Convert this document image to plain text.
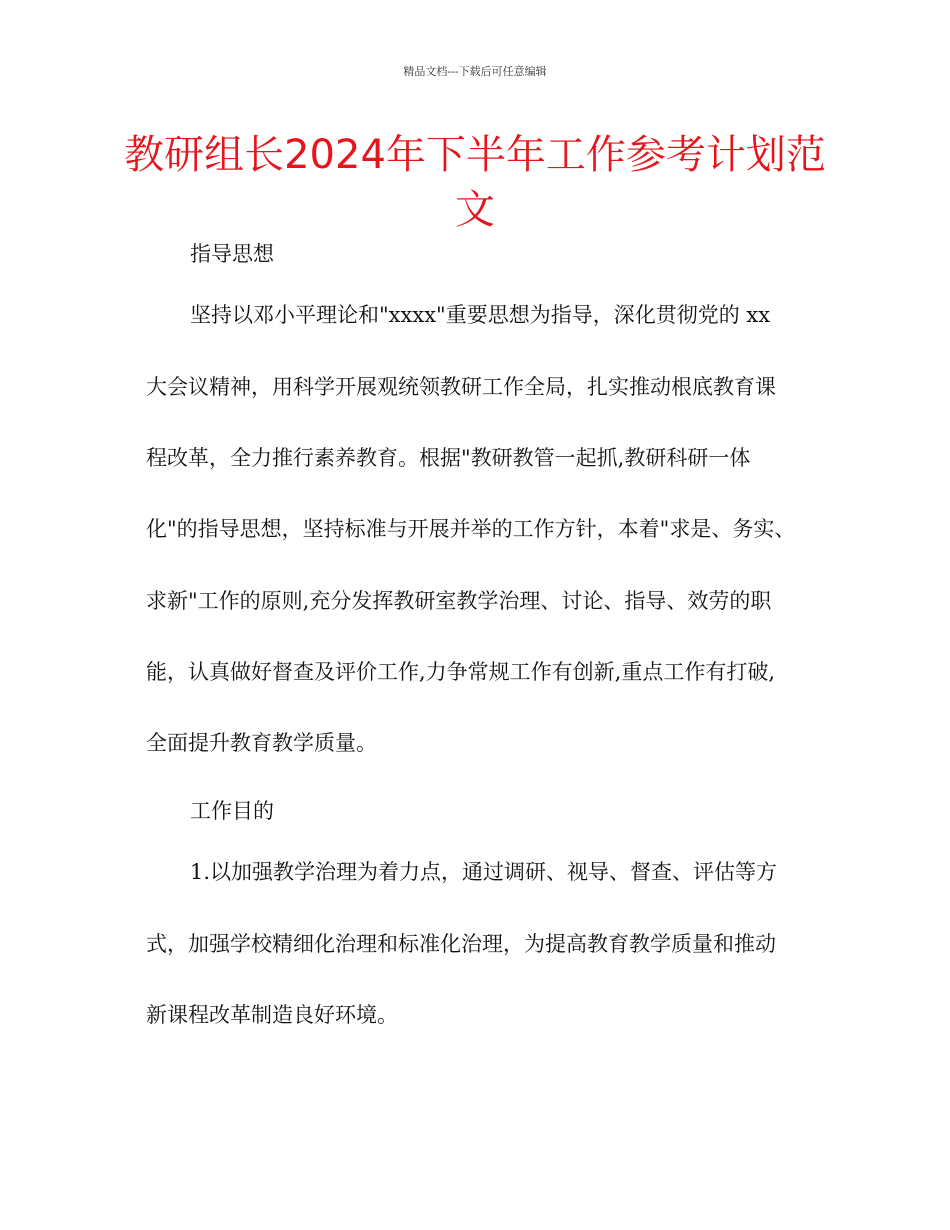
精品文档---下载后可任意编辑
教研组长2024年下半年工作参考计划范文
指导思想
坚持以邓小平理论和"xxxx"重要思想为指导，深化贯彻党的 xx
大会议精神，用科学开展观统领教研工作全局，扎实推动根底教育课
程改革，全力推行素养教育。根据"教研教管一起抓,教研科研一体
化"的指导思想，坚持标准与开展并举的工作方针，本着"求是、务实、
求新"工作的原则,充分发挥教研室教学治理、讨论、指导、效劳的职
能，认真做好督查及评价工作,力争常规工作有创新,重点工作有打破,
全面提升教育教学质量。
工作目的
1.以加强教学治理为着力点，通过调研、视导、督查、评估等方
式，加强学校精细化治理和标准化治理，为提高教育教学质量和推动
新课程改革制造良好环境。
